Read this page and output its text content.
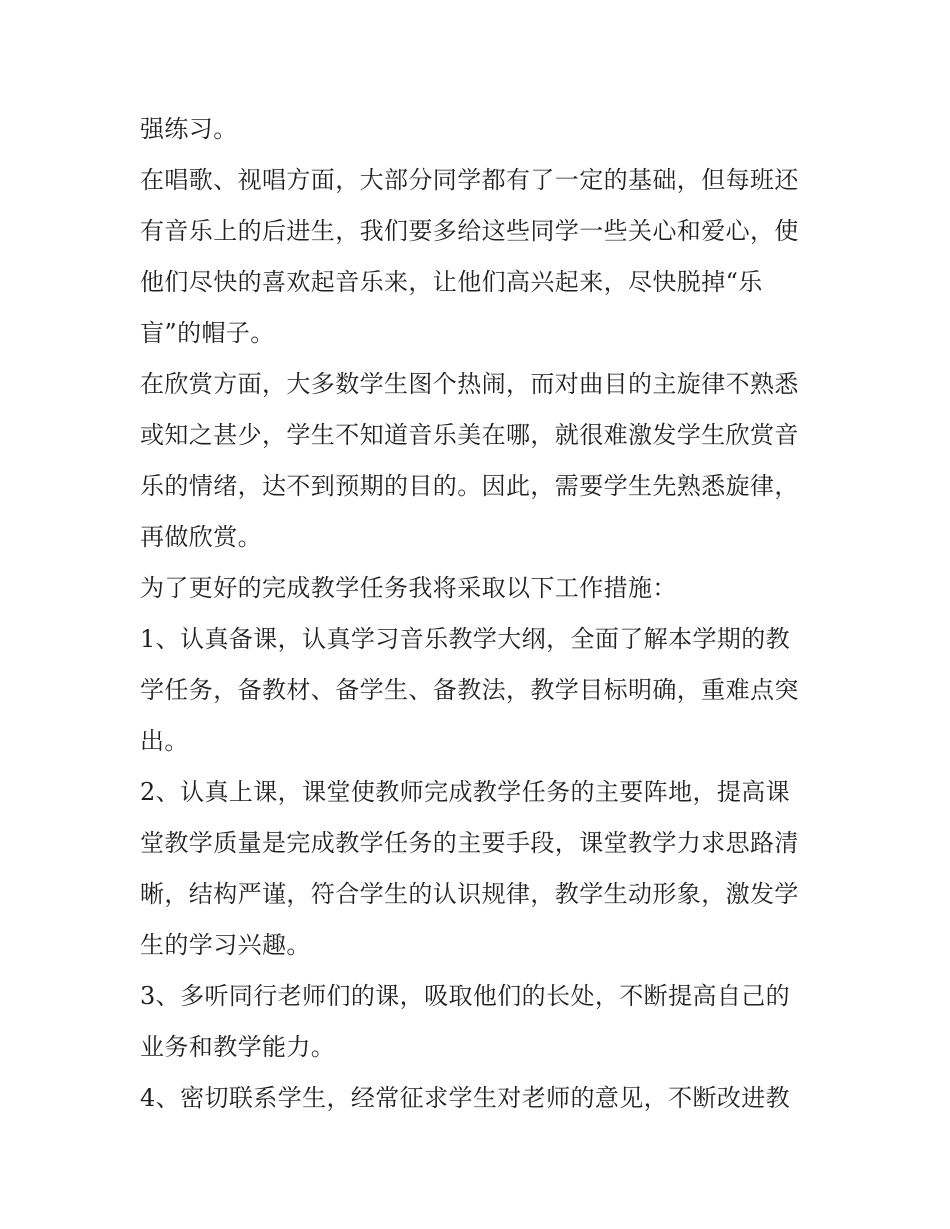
强练习。
在唱歌、视唱方面，大部分同学都有了一定的基础，但每班还
有音乐上的后进生，我们要多给这些同学一些关心和爱心，使
他们尽快的喜欢起音乐来，让他们高兴起来，尽快脱掉“乐
盲”的帽子。
在欣赏方面，大多数学生图个热闹，而对曲目的主旋律不熟悉
或知之甚少，学生不知道音乐美在哪，就很难激发学生欣赏音
乐的情绪，达不到预期的目的。因此，需要学生先熟悉旋律，
再做欣赏。
为了更好的完成教学任务我将采取以下工作措施：
1、认真备课，认真学习音乐教学大纲，全面了解本学期的教
学任务，备教材、备学生、备教法，教学目标明确，重难点突
出。
2、认真上课，课堂使教师完成教学任务的主要阵地，提高课
堂教学质量是完成教学任务的主要手段，课堂教学力求思路清
晰，结构严谨，符合学生的认识规律，教学生动形象，激发学
生的学习兴趣。
3、多听同行老师们的课，吸取他们的长处，不断提高自己的
业务和教学能力。
4、密切联系学生，经常征求学生对老师的意见，不断改进教
